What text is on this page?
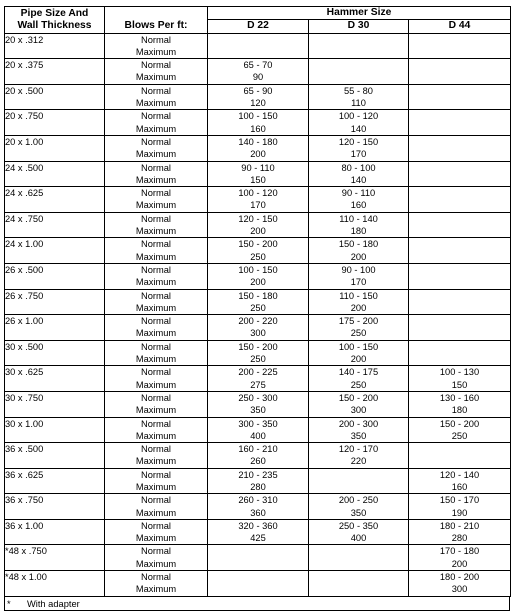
Pipe Size And
Wall Thickness	Blows Per ft:	Hammer Size		
		D 22	D 30	D 44
20 x .312	Normal			
	Maximum			
20 x .375	Normal	65 - 70		
	Maximum	90		
20 x .500	Normal	65 - 90	55 - 80	
	Maximum	120	110	
20 x .750	Normal	100 - 150	100 - 120	
	Maximum	160	140	
20 x 1.00	Normal	140 - 180	120 - 150	
	Maximum	200	170	
24 x .500	Normal	90 - 110	80 - 100	
	Maximum	150	140	
24 x .625	Normal	100 - 120	90 - 110	
	Maximum	170	160	
24 x .750	Normal	120 - 150	110 - 140	
	Maximum	200	180	
24 x 1.00	Normal	150 - 200	150 - 180	
	Maximum	250	200	
26 x .500	Normal	100 - 150	90 - 100	
	Maximum	200	170	
26 x .750	Normal	150 - 180	110 - 150	
	Maximum	250	200	
26 x 1.00	Normal	200 - 220	175 - 200	
	Maximum	300	250	
30 x .500	Normal	150 - 200	100 - 150	
	Maximum	250	200	
30 x .625	Normal	200 - 225	140 - 175	100 - 130
	Maximum	275	250	150
30 x .750	Normal	250 - 300	150 - 200	130 - 160
	Maximum	350	300	180
30 x 1.00	Normal	300 - 350	200 - 300	150 - 200
	Maximum	400	350	250
36 x .500	Normal	160 - 210	120 - 170	
	Maximum	260	220	
36 x .625	Normal	210 - 235		120 - 140
	Maximum	280		160
36 x .750	Normal	260 - 310	200 - 250	150 - 170
	Maximum	360	350	190
36 x 1.00	Normal	320 - 360	250 - 350	180 - 210
	Maximum	425	400	280
*48 x .750	Normal			170 - 180
	Maximum			200
*48 x 1.00	Normal			180 - 200
	Maximum			300
* With adapter
